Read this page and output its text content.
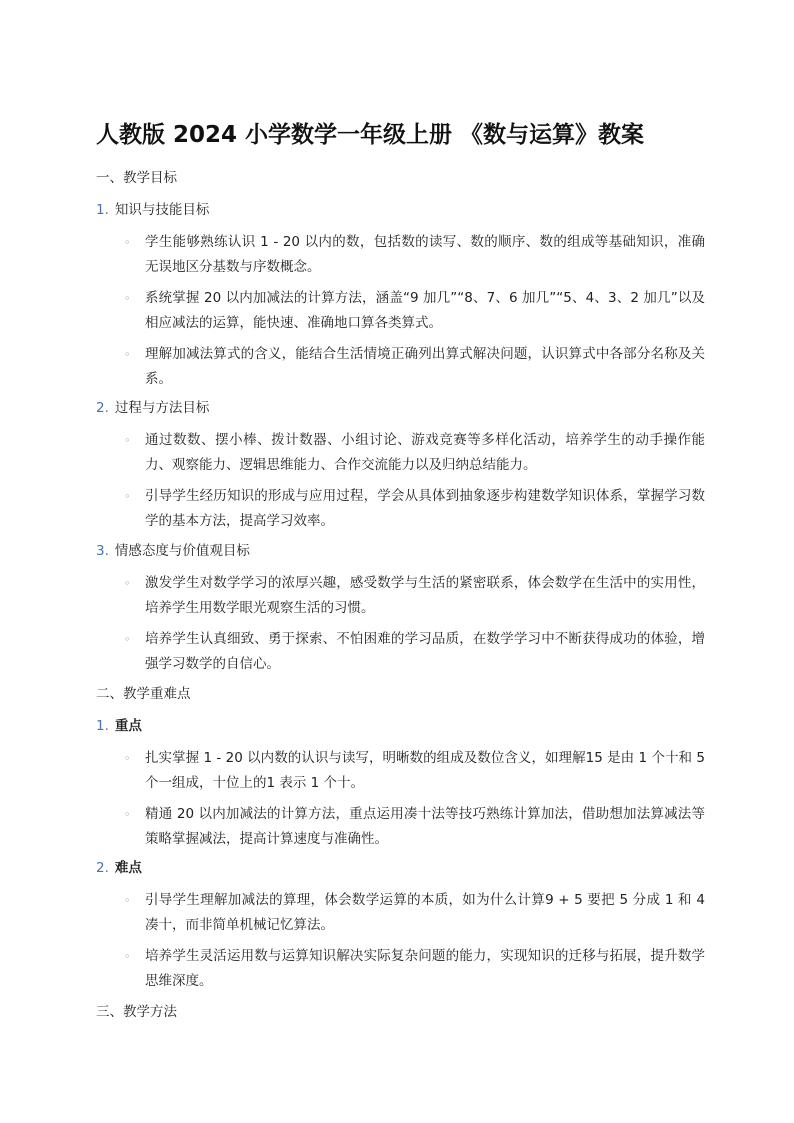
人教版 2024 小学数学一年级上册 《数与运算》教案
一、教学目标
1. 知识与技能目标
◦ 学生能够熟练认识 1 - 20 以内的数，包括数的读写、数的顺序、数的组成等基础知识，准确无误地区分基数与序数概念。
◦ 系统掌握 20 以内加减法的计算方法，涵盖“9 加几”“8、7、6 加几”“5、4、3、2 加几”以及相应减法的运算，能快速、准确地口算各类算式。
◦ 理解加减法算式的含义，能结合生活情境正确列出算式解决问题，认识算式中各部分名称及关系。
2. 过程与方法目标
◦ 通过数数、摆小棒、拨计数器、小组讨论、游戏竞赛等多样化活动，培养学生的动手操作能力、观察能力、逻辑思维能力、合作交流能力以及归纳总结能力。
◦ 引导学生经历知识的形成与应用过程，学会从具体到抽象逐步构建数学知识体系，掌握学习数学的基本方法，提高学习效率。
3. 情感态度与价值观目标
◦ 激发学生对数学学习的浓厚兴趣，感受数学与生活的紧密联系，体会数学在生活中的实用性，培养学生用数学眼光观察生活的习惯。
◦ 培养学生认真细致、勇于探索、不怕困难的学习品质，在数学学习中不断获得成功的体验，增强学习数学的自信心。
二、教学重难点
1. 重点
◦ 扎实掌握 1 - 20 以内数的认识与读写，明晰数的组成及数位含义，如理解15 是由 1 个十和 5 个一组成，十位上的1 表示 1 个十。
◦ 精通 20 以内加减法的计算方法，重点运用凑十法等技巧熟练计算加法，借助想加法算减法等策略掌握减法，提高计算速度与准确性。
2. 难点
◦ 引导学生理解加减法的算理，体会数学运算的本质，如为什么计算9 + 5 要把 5 分成 1 和 4 凑十，而非简单机械记忆算法。
◦ 培养学生灵活运用数与运算知识解决实际复杂问题的能力，实现知识的迁移与拓展，提升数学思维深度。
三、教学方法
